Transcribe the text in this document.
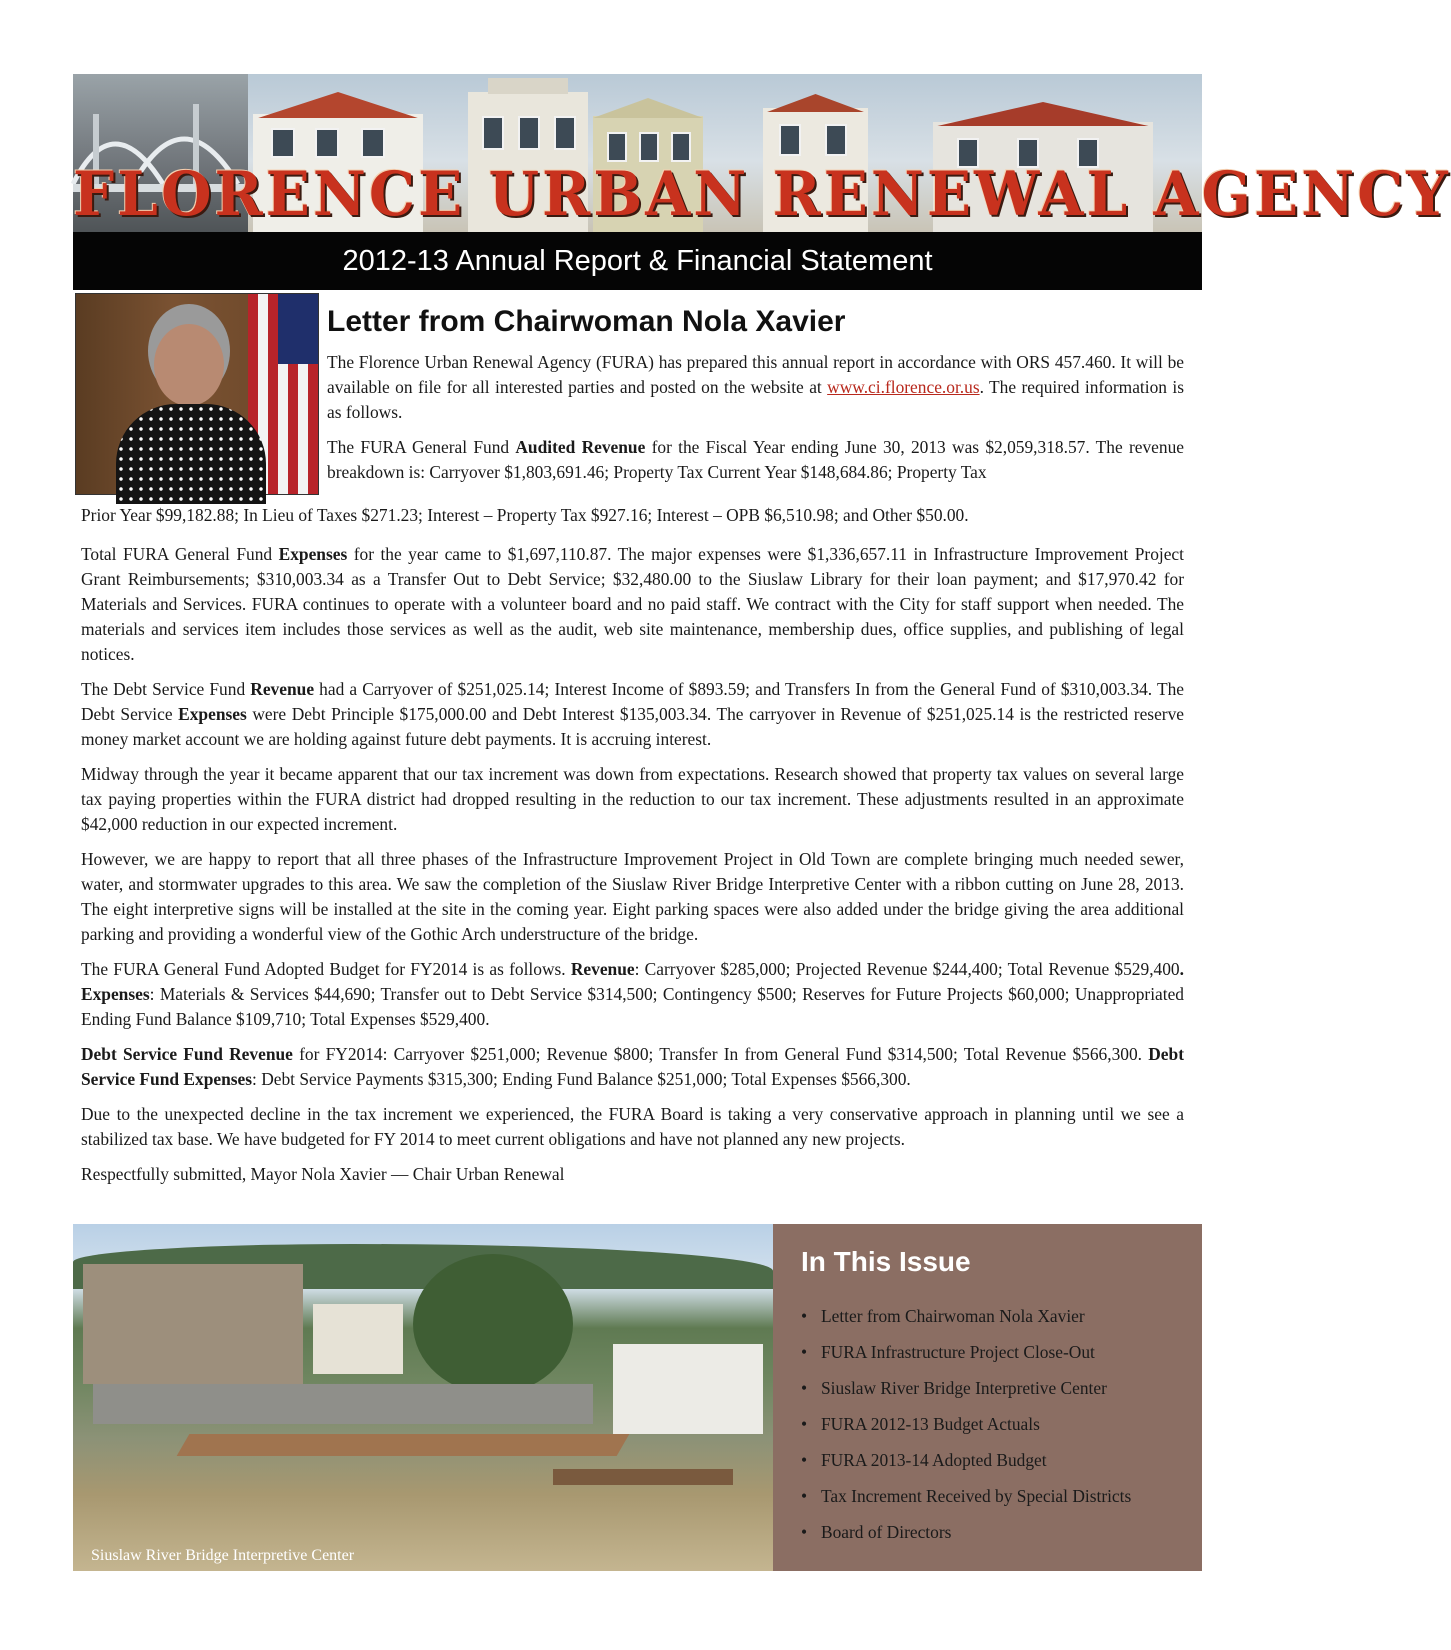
FLORENCE URBAN RENEWAL AGENCY
2012-13 Annual Report & Financial Statement
Letter from Chairwoman Nola Xavier

The Florence Urban Renewal Agency (FURA) has prepared this annual report in accordance with ORS 457.460. It will be available on file for all interested parties and posted on the website at www.ci.florence.or.us. The required information is as follows.

The FURA General Fund Audited Revenue for the Fiscal Year ending June 30, 2013 was $2,059,318.57. The revenue breakdown is: Carryover $1,803,691.46; Property Tax Current Year $148,684.86; Property Tax

Prior Year $99,182.88; In Lieu of Taxes $271.23; Interest – Property Tax $927.16; Interest – OPB $6,510.98; and Other $50.00.

Total FURA General Fund Expenses for the year came to $1,697,110.87. The major expenses were $1,336,657.11 in Infrastructure Improvement Project Grant Reimbursements; $310,003.34 as a Transfer Out to Debt Service; $32,480.00 to the Siuslaw Library for their loan payment; and $17,970.42 for Materials and Services. FURA continues to operate with a volunteer board and no paid staff. We contract with the City for staff support when needed. The materials and services item includes those services as well as the audit, web site maintenance, membership dues, office supplies, and publishing of legal notices.

The Debt Service Fund Revenue had a Carryover of $251,025.14; Interest Income of $893.59; and Transfers In from the General Fund of $310,003.34. The Debt Service Expenses were Debt Principle $175,000.00 and Debt Interest $135,003.34. The carryover in Revenue of $251,025.14 is the restricted reserve money market account we are holding against future debt payments. It is accruing interest.

Midway through the year it became apparent that our tax increment was down from expectations. Research showed that property tax values on several large tax paying properties within the FURA district had dropped resulting in the reduction to our tax increment. These adjustments resulted in an approximate $42,000 reduction in our expected increment.

However, we are happy to report that all three phases of the Infrastructure Improvement Project in Old Town are complete bringing much needed sewer, water, and stormwater upgrades to this area. We saw the completion of the Siuslaw River Bridge Interpretive Center with a ribbon cutting on June 28, 2013. The eight interpretive signs will be installed at the site in the coming year. Eight parking spaces were also added under the bridge giving the area additional parking and providing a wonderful view of the Gothic Arch understructure of the bridge.

The FURA General Fund Adopted Budget for FY2014 is as follows. Revenue: Carryover $285,000; Projected Revenue $244,400; Total Revenue $529,400. Expenses: Materials & Services $44,690; Transfer out to Debt Service $314,500; Contingency $500; Reserves for Future Projects $60,000; Unappropriated Ending Fund Balance $109,710; Total Expenses $529,400.

Debt Service Fund Revenue for FY2014: Carryover $251,000; Revenue $800; Transfer In from General Fund $314,500; Total Revenue $566,300. Debt Service Fund Expenses: Debt Service Payments $315,300; Ending Fund Balance $251,000; Total Expenses $566,300.

Due to the unexpected decline in the tax increment we experienced, the FURA Board is taking a very conservative approach in planning until we see a stabilized tax base. We have budgeted for FY 2014 to meet current obligations and have not planned any new projects.

Respectfully submitted, Mayor Nola Xavier — Chair Urban Renewal

Siuslaw River Bridge Interpretive Center
In This Issue
• Letter from Chairwoman Nola Xavier
• FURA Infrastructure Project Close-Out
• Siuslaw River Bridge Interpretive Center
• FURA 2012-13 Budget Actuals
• FURA 2013-14 Adopted Budget
• Tax Increment Received by Special Districts
• Board of Directors
